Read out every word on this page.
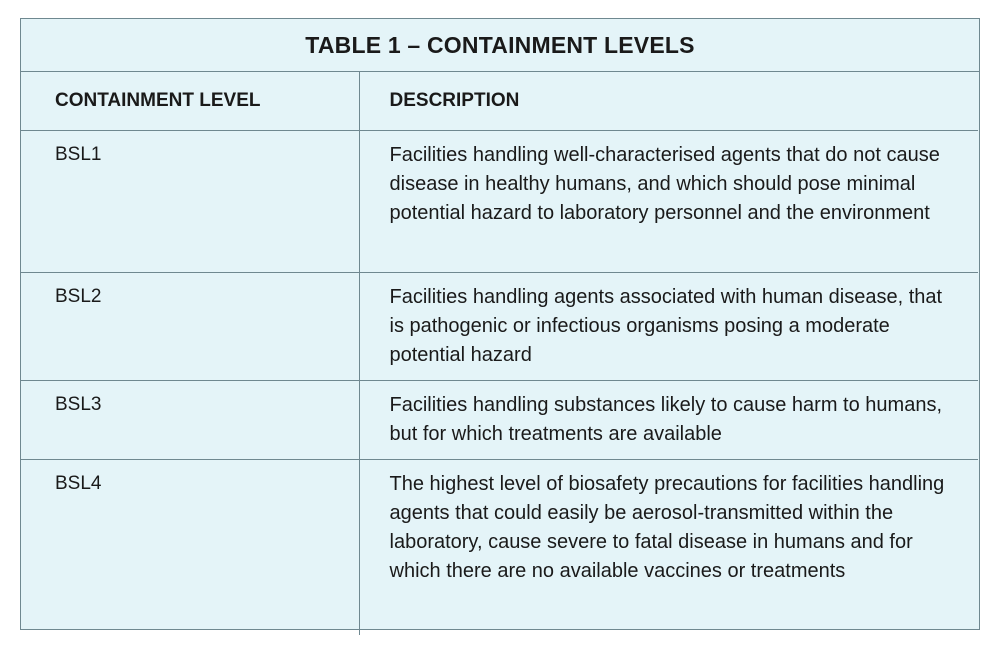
TABLE 1 – CONTAINMENT LEVELS
CONTAINMENT LEVEL	DESCRIPTION

BSL1	Facilities handling well-characterised agents that do not cause disease in healthy humans, and which should pose minimal potential hazard to laboratory personnel and the environment

BSL2	Facilities handling agents associated with human disease, that is pathogenic or infectious organisms posing a moderate potential hazard

BSL3	Facilities handling substances likely to cause harm to humans, but for which treatments are available

BSL4	The highest level of biosafety precautions for facilities handling agents that could easily be aerosol-transmitted within the laboratory, cause severe to fatal disease in humans and for which there are no available vaccines or treatments
